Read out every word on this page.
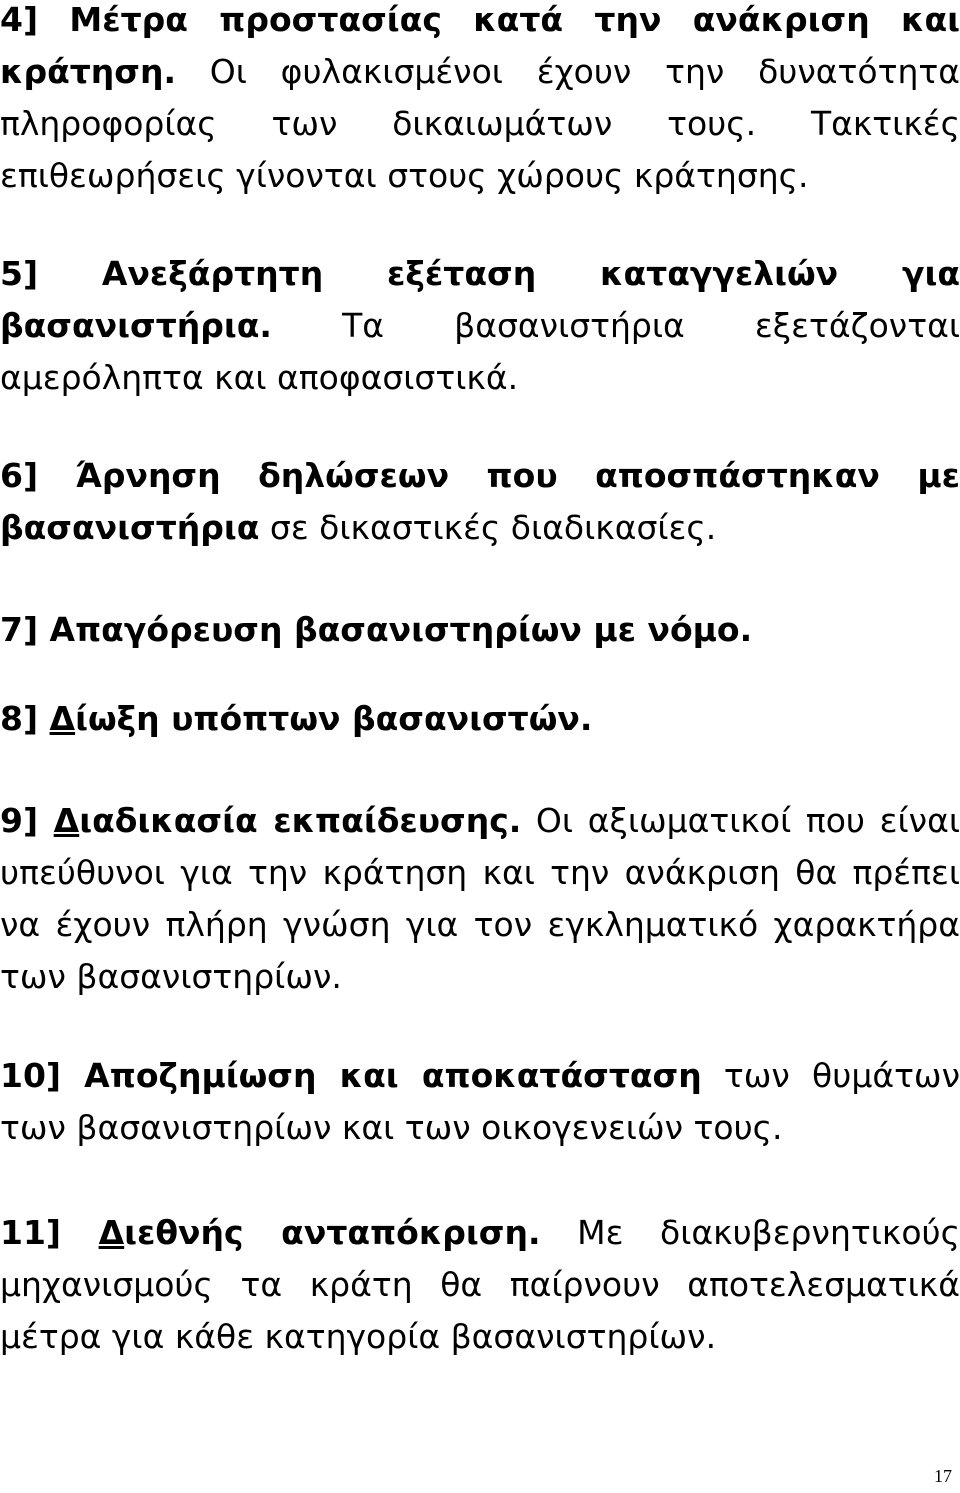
4] Μέτρα προστασίας κατά την ανάκριση και κράτηση. Οι φυλακισμένοι έχουν την δυνατότητα πληροφορίας των δικαιωμάτων τους. Τακτικές επιθεωρήσεις γίνονται στους χώρους κράτησης.

5] Ανεξάρτητη εξέταση καταγγελιών για βασανιστήρια. Τα βασανιστήρια εξετάζονται αμερόληπτα και αποφασιστικά.

6] Άρνηση δηλώσεων που αποσπάστηκαν με βασανιστήρια σε δικαστικές διαδικασίες.

7] Απαγόρευση βασανιστηρίων με νόμο.

8] Δίωξη υπόπτων βασανιστών.

9] Διαδικασία εκπαίδευσης. Οι αξιωματικοί που είναι υπεύθυνοι για την κράτηση και την ανάκριση θα πρέπει να έχουν πλήρη γνώση για τον εγκληματικό χαρακτήρα των βασανιστηρίων.

10] Αποζημίωση και αποκατάσταση των θυμάτων των βασανιστηρίων και των οικογενειών τους.

11] Διεθνής ανταπόκριση. Με διακυβερνητικούς μηχανισμούς τα κράτη θα παίρνουν αποτελεσματικά μέτρα για κάθε κατηγορία βασανιστηρίων.

17
